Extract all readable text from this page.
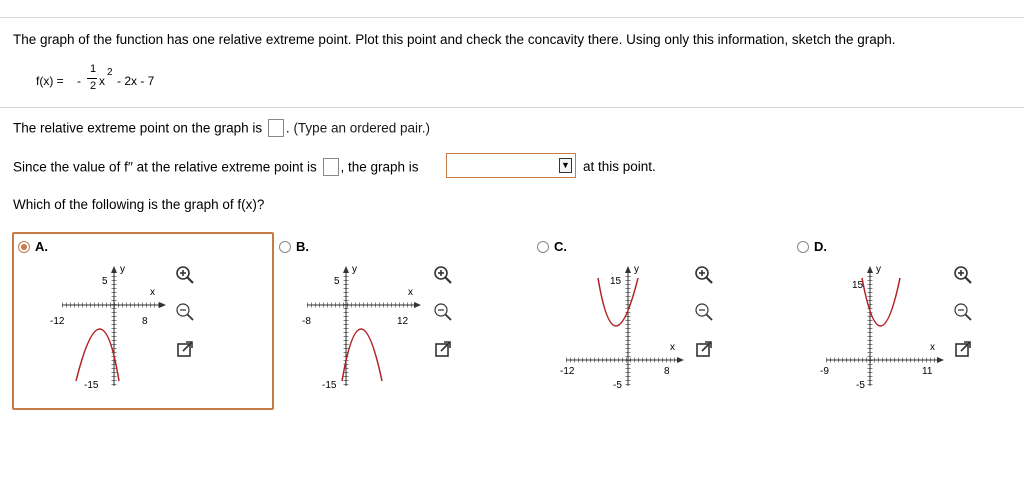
The graph of the function has one relative extreme point. Plot this point and check the concavity there. Using only this information, sketch the graph.
f(x) = -
1
2 x
2
- 2x - 7
The relative extreme point on the graph is . (Type an ordered pair.)
Since the value of f′′ at the relative extreme point is , the graph is	▼ at this point.
Which of the following is the graph of f(x)?
A.
y
x
5
-15
-12	8
B.
y
x
5
-15
-8	12
C.
y
x
15
-5
-12	8
D.
y
x
15
-5
-9	11
